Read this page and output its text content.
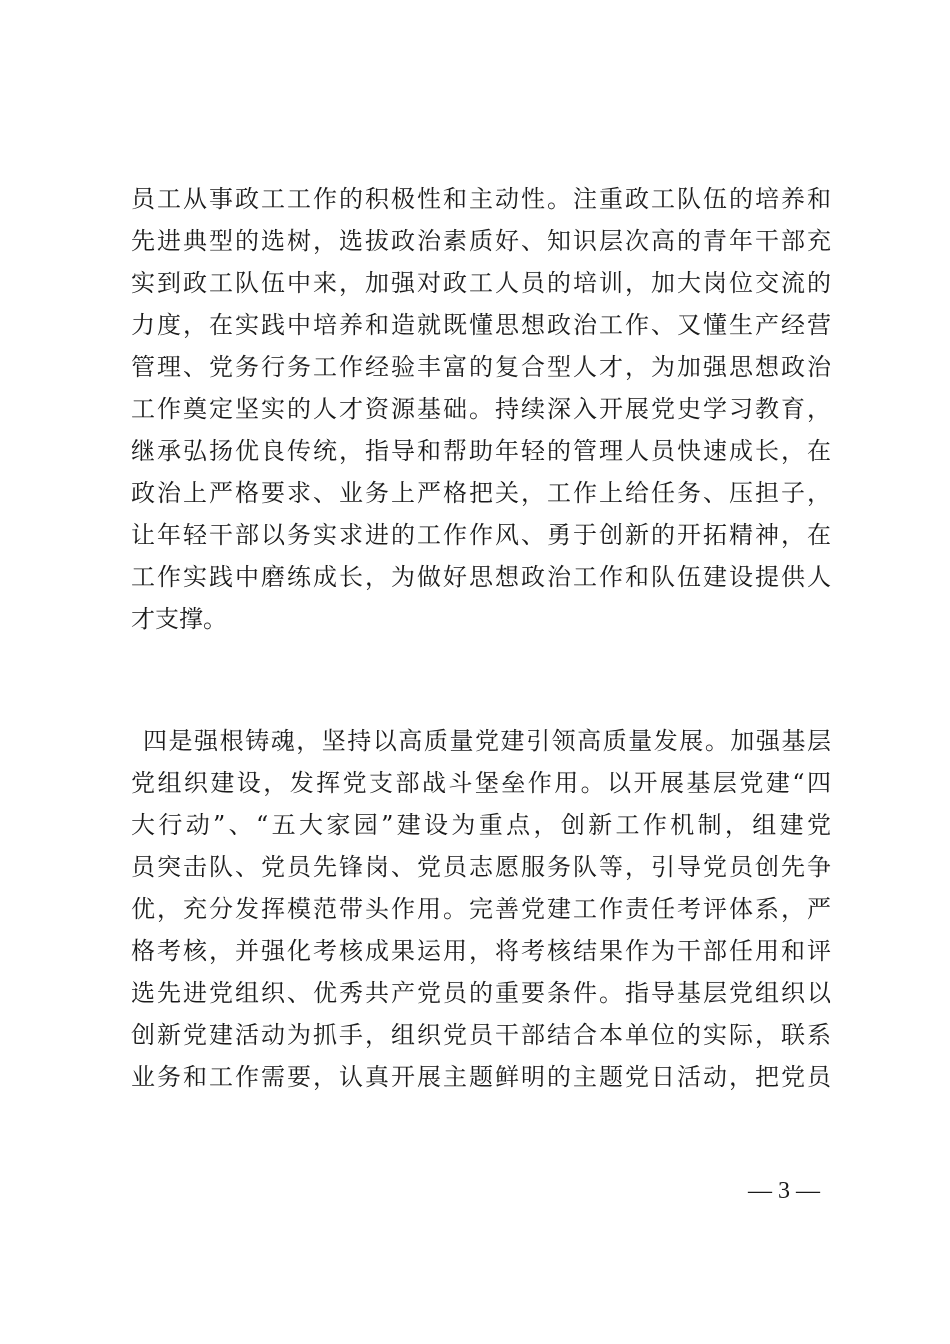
员工从事政工工作的积极性和主动性。注重政工队伍的培养和
先进典型的选树，选拔政治素质好、知识层次高的青年干部充
实到政工队伍中来，加强对政工人员的培训，加大岗位交流的
力度，在实践中培养和造就既懂思想政治工作、又懂生产经营
管理、党务行务工作经验丰富的复合型人才，为加强思想政治
工作奠定坚实的人才资源基础。持续深入开展党史学习教育，
继承弘扬优良传统，指导和帮助年轻的管理人员快速成长，在
政治上严格要求、业务上严格把关，工作上给任务、压担子，
让年轻干部以务实求进的工作作风、勇于创新的开拓精神，在
工作实践中磨练成长，为做好思想政治工作和队伍建设提供人
才支撑。
四是强根铸魂，坚持以高质量党建引领高质量发展。加强基层
党组织建设，发挥党支部战斗堡垒作用。以开展基层党建“四
大行动”、“五大家园”建设为重点，创新工作机制，组建党
员突击队、党员先锋岗、党员志愿服务队等，引导党员创先争
优，充分发挥模范带头作用。完善党建工作责任考评体系，严
格考核，并强化考核成果运用，将考核结果作为干部任用和评
选先进党组织、优秀共产党员的重要条件。指导基层党组织以
创新党建活动为抓手，组织党员干部结合本单位的实际，联系
业务和工作需要，认真开展主题鲜明的主题党日活动，把党员
— 3 —
